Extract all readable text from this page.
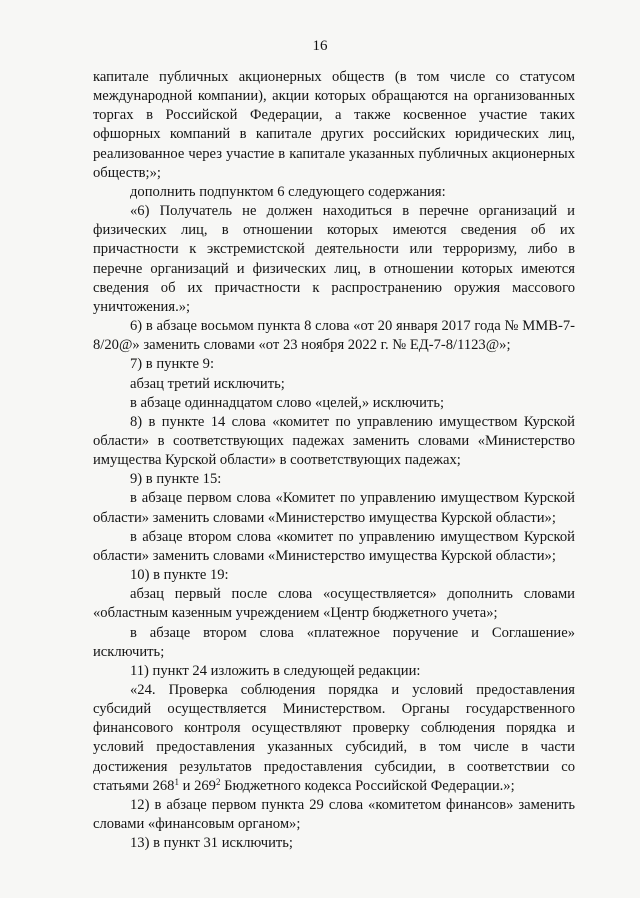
16

капитале публичных акционерных обществ (в том числе со статусом международной компании), акции которых обращаются на организованных торгах в Российской Федерации, а также косвенное участие таких офшорных компаний в капитале других российских юридических лиц, реализованное через участие в капитале указанных публичных акционерных обществ;»;

дополнить подпунктом 6 следующего содержания:

«6) Получатель не должен находиться в перечне организаций и физических лиц, в отношении которых имеются сведения об их причастности к экстремистской деятельности или терроризму, либо в перечне организаций и физических лиц, в отношении которых имеются сведения об их причастности к распространению оружия массового уничтожения.»;

6) в абзаце восьмом пункта 8 слова «от 20 января 2017 года № ММВ-7-8/20@» заменить словами «от 23 ноября 2022 г. № ЕД-7-8/1123@»;

7) в пункте 9:

абзац третий исключить;

в абзаце одиннадцатом слово «целей,» исключить;

8) в пункте 14 слова «комитет по управлению имуществом Курской области» в соответствующих падежах заменить словами «Министерство имущества Курской области» в соответствующих падежах;

9) в пункте 15:

в абзаце первом слова «Комитет по управлению имуществом Курской области» заменить словами «Министерство имущества Курской области»;

в абзаце втором слова «комитет по управлению имуществом Курской области» заменить словами «Министерство имущества Курской области»;

10) в пункте 19:

абзац первый после слова «осуществляется» дополнить словами «областным казенным учреждением «Центр бюджетного учета»;

в абзаце втором слова «платежное поручение и Соглашение» исключить;

11) пункт 24 изложить в следующей редакции:

«24. Проверка соблюдения порядка и условий предоставления субсидий осуществляется Министерством. Органы государственного финансового контроля осуществляют проверку соблюдения порядка и условий предоставления указанных субсидий, в том числе в части достижения результатов предоставления субсидии, в соответствии со статьями $268^1$ и $269^2$ Бюджетного кодекса Российской Федерации.»;

12) в абзаце первом пункта 29 слова «комитетом финансов» заменить словами «финансовым органом»;

13) в пункт 31 исключить;
